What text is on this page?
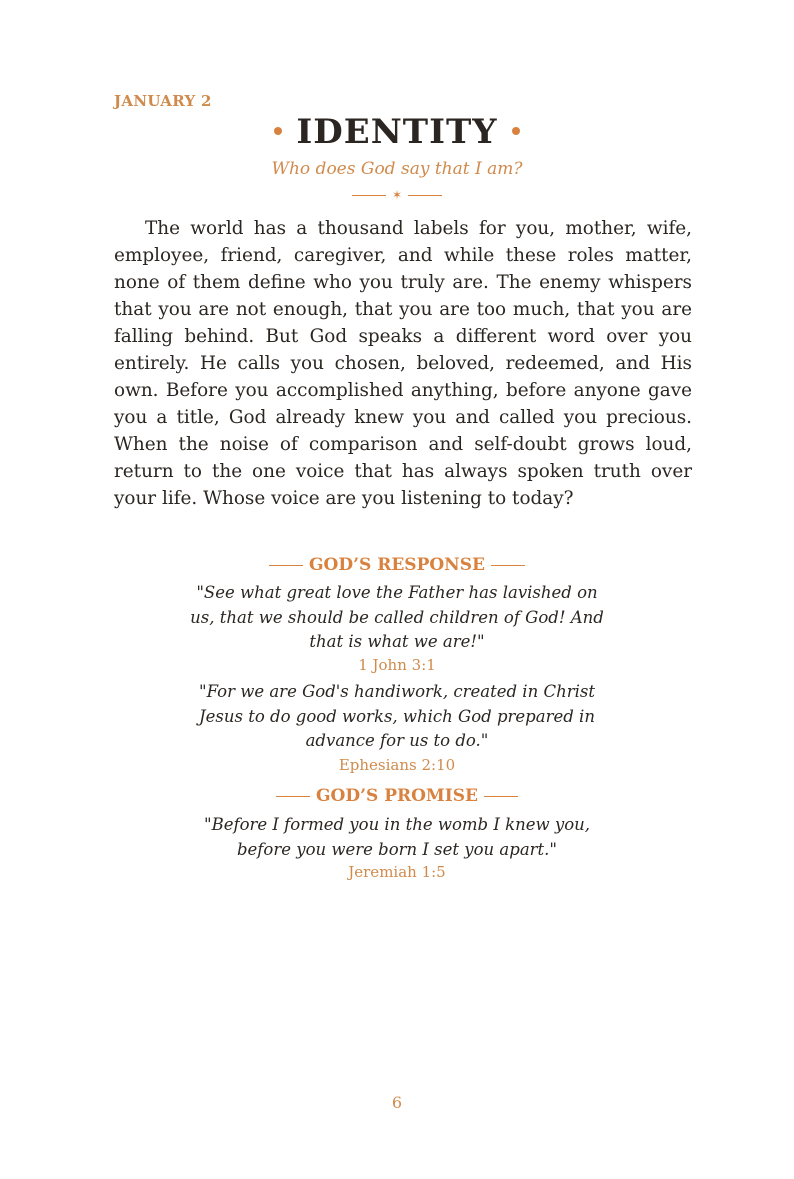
JANUARY 2
IDENTITY
Who does God say that I am?
✶

The world has a thousand labels for you, mother, wife, employee, friend, caregiver, and while these roles matter, none of them define who you truly are. The enemy whispers that you are not enough, that you are too much, that you are falling behind. But God speaks a different word over you entirely. He calls you chosen, beloved, redeemed, and His own. Before you accomplished anything, before anyone gave you a title, God already knew you and called you precious. When the noise of comparison and self-doubt grows loud, return to the one voice that has always spoken truth over your life. Whose voice are you listening to today?

GOD’S RESPONSE
"See what great love the Father has lavished on
us, that we should be called children of God! And
that is what we are!"
1 John 3:1
"For we are God's handiwork, created in Christ
Jesus to do good works, which God prepared in
advance for us to do."
Ephesians 2:10
GOD’S PROMISE
"Before I formed you in the womb I knew you,
before you were born I set you apart."
Jeremiah 1:5
6
